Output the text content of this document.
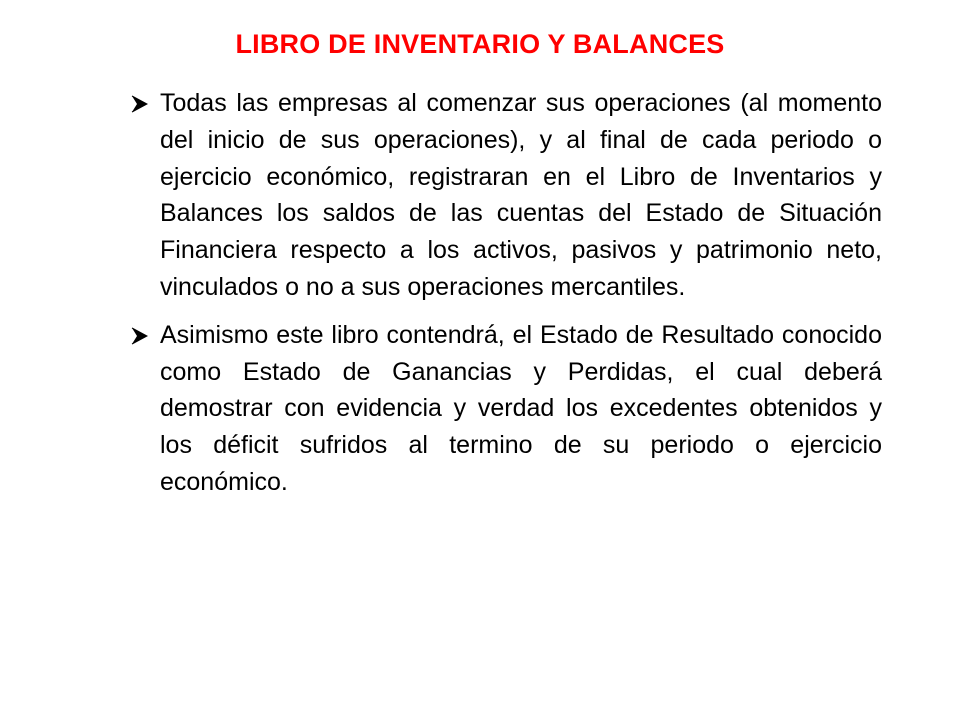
LIBRO DE INVENTARIO Y BALANCES
Todas las empresas al comenzar sus operaciones (al momento del inicio de sus operaciones), y al final de cada periodo o ejercicio económico, registraran en el Libro de Inventarios y Balances los saldos de las cuentas del Estado de Situación Financiera respecto a los activos, pasivos y patrimonio neto, vinculados o no a sus operaciones mercantiles.
Asimismo este libro contendrá, el Estado de Resultado conocido como Estado de Ganancias y Perdidas, el cual deberá demostrar con evidencia y verdad los excedentes obtenidos y los déficit sufridos al termino de su periodo o ejercicio económico.
